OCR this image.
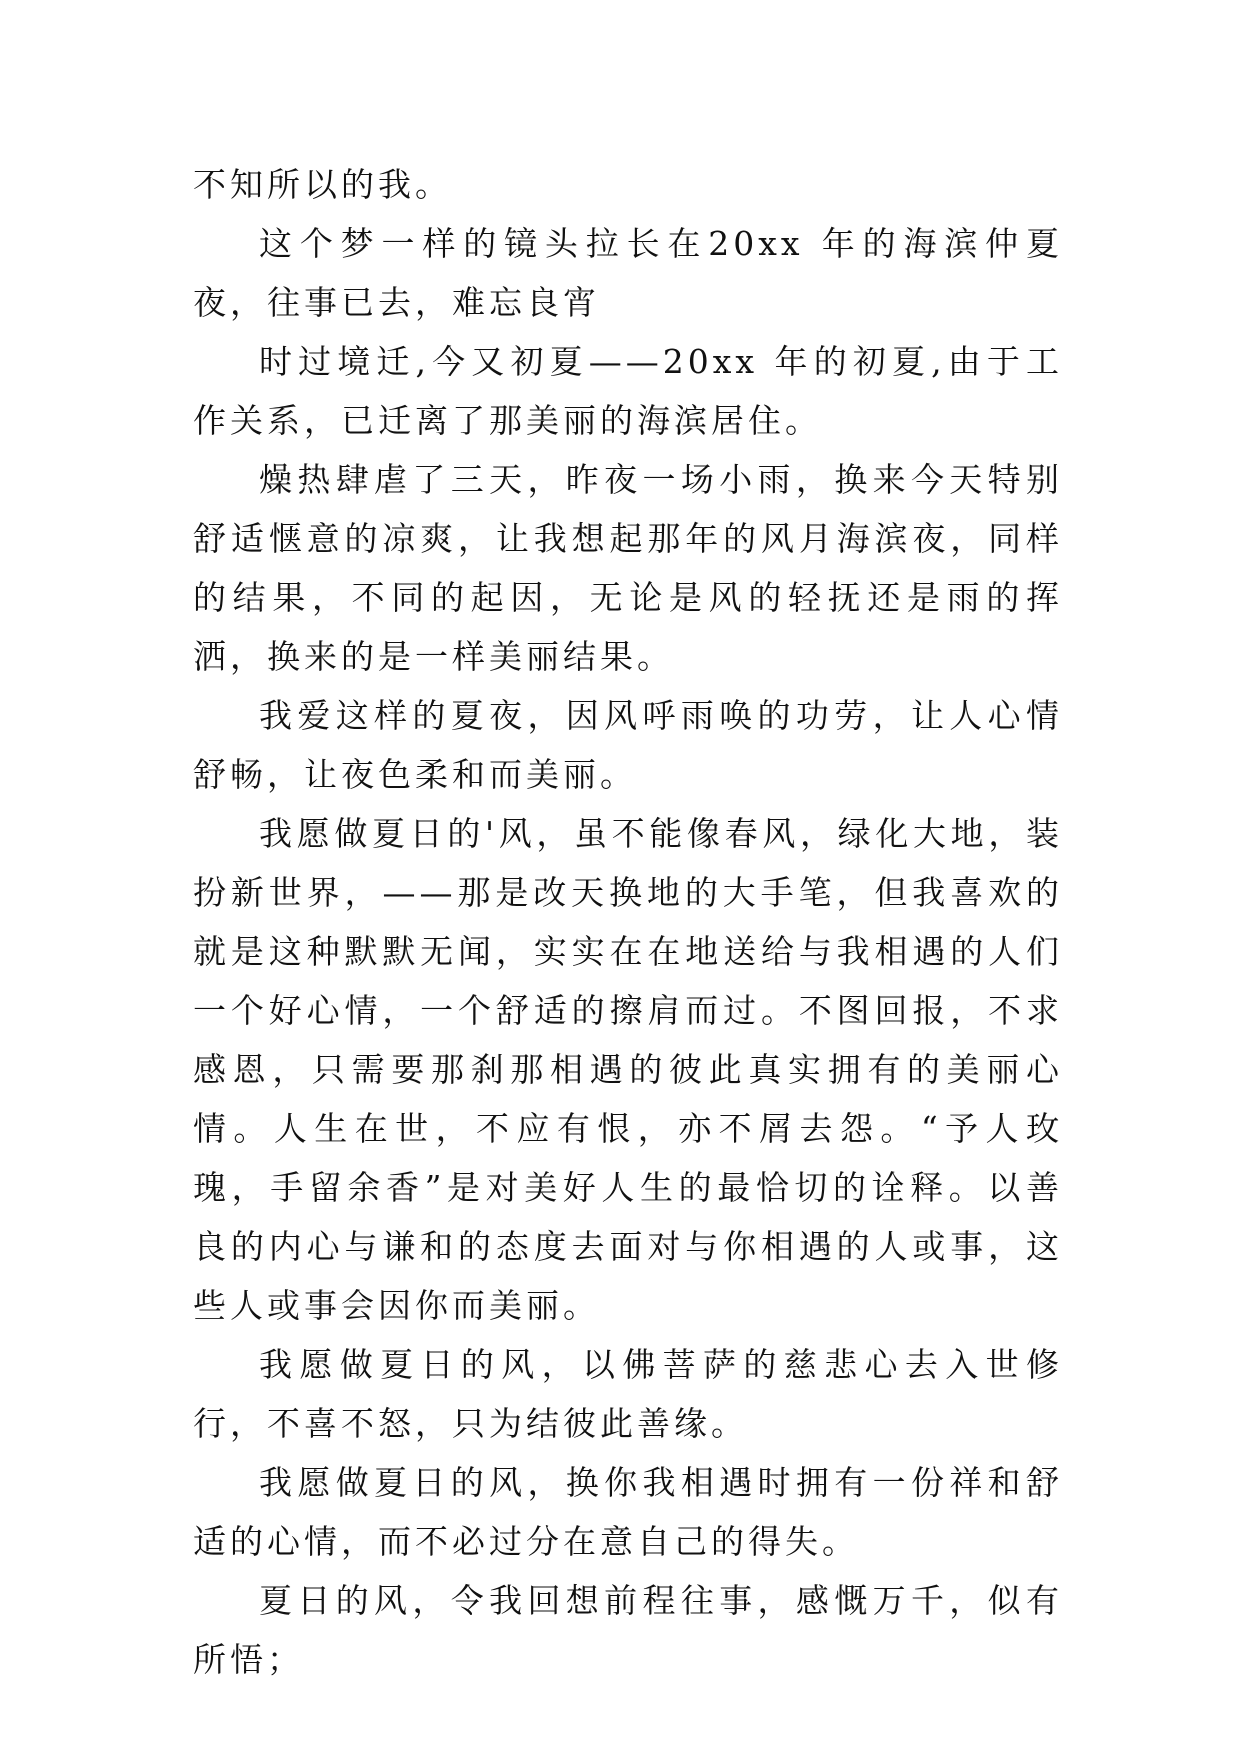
不知所以的我。

这个梦一样的镜头拉长在20xx 年的海滨仲夏夜，往事已去，难忘良宵

时过境迁,今又初夏——20xx 年的初夏,由于工作关系，已迁离了那美丽的海滨居住。

燥热肆虐了三天，昨夜一场小雨，换来今天特别舒适惬意的凉爽，让我想起那年的风月海滨夜，同样的结果，不同的起因，无论是风的轻抚还是雨的挥洒，换来的是一样美丽结果。

我爱这样的夏夜，因风呼雨唤的功劳，让人心情舒畅，让夜色柔和而美丽。

我愿做夏日的'风，虽不能像春风，绿化大地，装扮新世界，——那是改天换地的大手笔，但我喜欢的就是这种默默无闻，实实在在地送给与我相遇的人们一个好心情，一个舒适的擦肩而过。不图回报，不求感恩，只需要那刹那相遇的彼此真实拥有的美丽心情。人生在世，不应有恨，亦不屑去怨。“予人玫瑰，手留余香”是对美好人生的最恰切的诠释。以善良的内心与谦和的态度去面对与你相遇的人或事，这些人或事会因你而美丽。

我愿做夏日的风，以佛菩萨的慈悲心去入世修行，不喜不怒，只为结彼此善缘。

我愿做夏日的风，换你我相遇时拥有一份祥和舒适的心情，而不必过分在意自己的得失。

夏日的风，令我回想前程往事，感慨万千，似有所悟；
